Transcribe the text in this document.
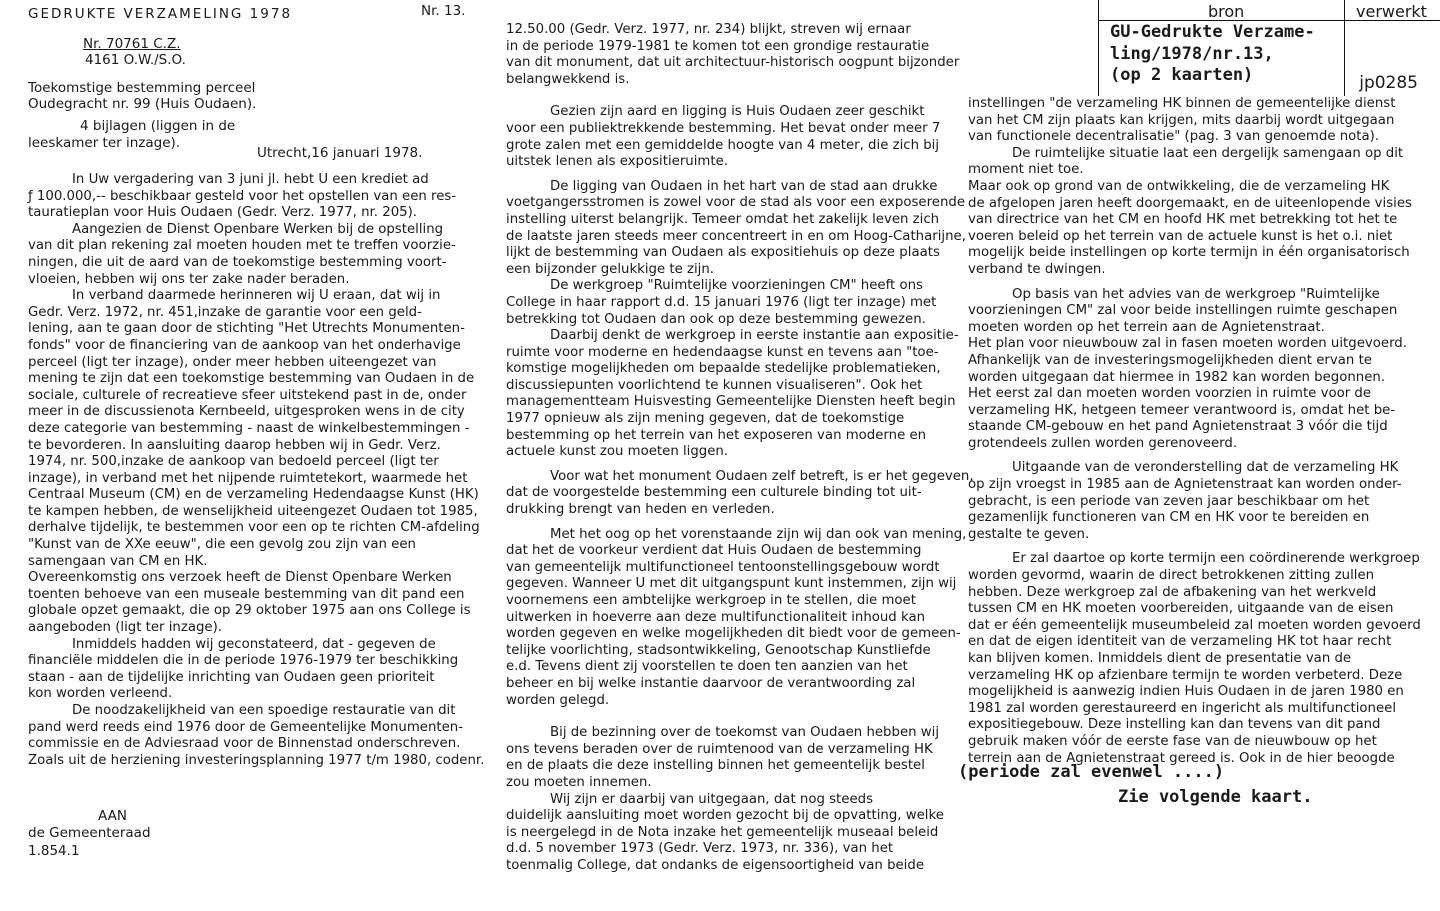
GEDRUKTE VERZAMELING 1978	Nr. 13.
Nr. 70761 C.Z.
4161 O.W./S.O.
Toekomstige bestemming perceel
Oudegracht nr. 99 (Huis Oudaen).
4 bijlagen (liggen in de
leeskamer ter inzage).
Utrecht,16 januari 1978.
bron	verwerkt
GU-Gedrukte Verzame-
ling/1978/nr.13,
(op 2 kaarten)	jp0285

In Uw vergadering van 3 juni jl. hebt U een krediet ad

ƒ 100.000,-- beschikbaar gesteld voor het opstellen van een res-

tauratieplan voor Huis Oudaen (Gedr. Verz. 1977, nr. 205).

Aangezien de Dienst Openbare Werken bij de opstelling

van dit plan rekening zal moeten houden met te treffen voorzie-

ningen, die uit de aard van de toekomstige bestemming voort-

vloeien, hebben wij ons ter zake nader beraden.

In verband daarmede herinneren wij U eraan, dat wij in

Gedr. Verz. 1972, nr. 451,inzake de garantie voor een geld-

lening, aan te gaan door de stichting "Het Utrechts Monumenten-

fonds" voor de financiering van de aankoop van het onderhavige

perceel (ligt ter inzage), onder meer hebben uiteengezet van

mening te zijn dat een toekomstige bestemming van Oudaen in de

sociale, culturele of recreatieve sfeer uitstekend past in de, onder

meer in de discussienota Kernbeeld, uitgesproken wens in de city

deze categorie van bestemming - naast de winkelbestemmingen -

te bevorderen. In aansluiting daarop hebben wij in Gedr. Verz.

1974, nr. 500,inzake de aankoop van bedoeld perceel (ligt ter

inzage), in verband met het nijpende ruimtetekort, waarmede het

Centraal Museum (CM) en de verzameling Hedendaagse Kunst (HK)

te kampen hebben, de wenselijkheid uiteengezet Oudaen tot 1985,

derhalve tijdelijk, te bestemmen voor een op te richten CM-afdeling

"Kunst van de XXe eeuw", die een gevolg zou zijn van een

samengaan van CM en HK.

Overeenkomstig ons verzoek heeft de Dienst Openbare Werken

toenten behoeve van een museale bestemming van dit pand een

globale opzet gemaakt, die op 29 oktober 1975 aan ons College is

aangeboden (ligt ter inzage).

Inmiddels hadden wij geconstateerd, dat - gegeven de

financiële middelen die in de periode 1976-1979 ter beschikking

staan - aan de tijdelijke inrichting van Oudaen geen prioriteit

kon worden verleend.

De noodzakelijkheid van een spoedige restauratie van dit

pand werd reeds eind 1976 door de Gemeentelijke Monumenten-

commissie en de Adviesraad voor de Binnenstad onderschreven.

Zoals uit de herziening investeringsplanning 1977 t/m 1980, codenr.

AAN
de Gemeenteraad
1.854.1

12.50.00 (Gedr. Verz. 1977, nr. 234) blijkt, streven wij ernaar

in de periode 1979-1981 te komen tot een grondige restauratie

van dit monument, dat uit architectuur-historisch oogpunt bijzonder

belangwekkend is.

Gezien zijn aard en ligging is Huis Oudaen zeer geschikt

voor een publiektrekkende bestemming. Het bevat onder meer 7

grote zalen met een gemiddelde hoogte van 4 meter, die zich bij

uitstek lenen als expositieruimte.

De ligging van Oudaen in het hart van de stad aan drukke

voetgangersstromen is zowel voor de stad als voor een exposerende

instelling uiterst belangrijk. Temeer omdat het zakelijk leven zich

de laatste jaren steeds meer concentreert in en om Hoog-Catharijne,

lijkt de bestemming van Oudaen als expositiehuis op deze plaats

een bijzonder gelukkige te zijn.

De werkgroep "Ruimtelijke voorzieningen CM" heeft ons

College in haar rapport d.d. 15 januari 1976 (ligt ter inzage) met

betrekking tot Oudaen dan ook op deze bestemming gewezen.

Daarbij denkt de werkgroep in eerste instantie aan expositie-

ruimte voor moderne en hedendaagse kunst en tevens aan "toe-

komstige mogelijkheden om bepaalde stedelijke problematieken,

discussiepunten voorlichtend te kunnen visualiseren". Ook het

managementteam Huisvesting Gemeentelijke Diensten heeft begin

1977 opnieuw als zijn mening gegeven, dat de toekomstige

bestemming op het terrein van het exposeren van moderne en

actuele kunst zou moeten liggen.

Voor wat het monument Oudaen zelf betreft, is er het gegeven,

dat de voorgestelde bestemming een culturele binding tot uit-

drukking brengt van heden en verleden.

Met het oog op het vorenstaande zijn wij dan ook van mening,

dat het de voorkeur verdient dat Huis Oudaen de bestemming

van gemeentelijk multifunctioneel tentoonstellingsgebouw wordt

gegeven. Wanneer U met dit uitgangspunt kunt instemmen, zijn wij

voornemens een ambtelijke werkgroep in te stellen, die moet

uitwerken in hoeverre aan deze multifunctionaliteit inhoud kan

worden gegeven en welke mogelijkheden dit biedt voor de gemeen-

telijke voorlichting, stadsontwikkeling, Genootschap Kunstliefde

e.d. Tevens dient zij voorstellen te doen ten aanzien van het

beheer en bij welke instantie daarvoor de verantwoording zal

worden gelegd.

Bij de bezinning over de toekomst van Oudaen hebben wij

ons tevens beraden over de ruimtenood van de verzameling HK

en de plaats die deze instelling binnen het gemeentelijk bestel

zou moeten innemen.

Wij zijn er daarbij van uitgegaan, dat nog steeds

duidelijk aansluiting moet worden gezocht bij de opvatting, welke

is neergelegd in de Nota inzake het gemeentelijk museaal beleid

d.d. 5 november 1973 (Gedr. Verz. 1973, nr. 336), van het

toenmalig College, dat ondanks de eigensoortigheid van beide

instellingen "de verzameling HK binnen de gemeentelijke dienst

van het CM zijn plaats kan krijgen, mits daarbij wordt uitgegaan

van functionele decentralisatie" (pag. 3 van genoemde nota).

De ruimtelijke situatie laat een dergelijk samengaan op dit

moment niet toe.

Maar ook op grond van de ontwikkeling, die de verzameling HK

de afgelopen jaren heeft doorgemaakt, en de uiteenlopende visies

van directrice van het CM en hoofd HK met betrekking tot het te

voeren beleid op het terrein van de actuele kunst is het o.i. niet

mogelijk beide instellingen op korte termijn in één organisatorisch

verband te dwingen.

Op basis van het advies van de werkgroep "Ruimtelijke

voorzieningen CM" zal voor beide instellingen ruimte geschapen

moeten worden op het terrein aan de Agnietenstraat.

Het plan voor nieuwbouw zal in fasen moeten worden uitgevoerd.

Afhankelijk van de investeringsmogelijkheden dient ervan te

worden uitgegaan dat hiermee in 1982 kan worden begonnen.

Het eerst zal dan moeten worden voorzien in ruimte voor de

verzameling HK, hetgeen temeer verantwoord is, omdat het be-

staande CM-gebouw en het pand Agnietenstraat 3 vóór die tijd

grotendeels zullen worden gerenoveerd.

Uitgaande van de veronderstelling dat de verzameling HK

op zijn vroegst in 1985 aan de Agnietenstraat kan worden onder-

gebracht, is een periode van zeven jaar beschikbaar om het

gezamenlijk functioneren van CM en HK voor te bereiden en

gestalte te geven.

Er zal daartoe op korte termijn een coördinerende werkgroep

worden gevormd, waarin de direct betrokkenen zitting zullen

hebben. Deze werkgroep zal de afbakening van het werkveld

tussen CM en HK moeten voorbereiden, uitgaande van de eisen

dat er één gemeentelijk museumbeleid zal moeten worden gevoerd

en dat de eigen identiteit van de verzameling HK tot haar recht

kan blijven komen. Inmiddels dient de presentatie van de

verzameling HK op afzienbare termijn te worden verbeterd. Deze

mogelijkheid is aanwezig indien Huis Oudaen in de jaren 1980 en

1981 zal worden gerestaureerd en ingericht als multifunctioneel

expositiegebouw. Deze instelling kan dan tevens van dit pand

gebruik maken vóór de eerste fase van de nieuwbouw op het

terrein aan de Agnietenstraat gereed is. Ook in de hier beoogde

(periode zal evenwel ....)
Zie volgende kaart.
